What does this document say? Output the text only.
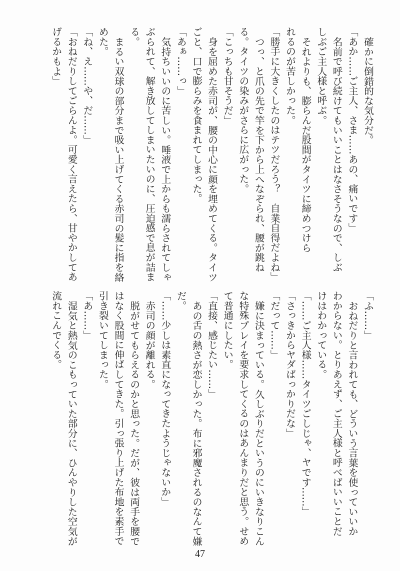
確かに倒錯的な気分だ。

「あか……ご主人、さま……あの、痛いです」

名前で呼び続けてもいいことはなさそうなので、しぶ

しぶご主人様と呼ぶ。

それよりも、膨らんだ股間がタイツに締めつけら

れるのが苦しかった。

「勝手に大きくしたのはテツだろう？　自業自得だよね」

つっ、と爪の先で竿を下から上へなぞられ、腰が跳ね

る。タイツの染みがさらに広がった。

「こっちも甘そうだ」

身を屈めた赤司が、腰の中心に顔を埋めてくる。タイツ

ごと、口で膨らみを食まれてしまった。

「あぁ……っ」

気持ちいいのに苦しい。唾液で上からも濡らされてしゃ

ぶられて、解き放してしまいたいのに、圧迫感で息が詰ま

る。

まるい双球の部分まで吸い上げてくる赤司の髪に指を絡

めた。

「ね、え……や、だ……」

「おねだりしてごらんよ。可愛く言えたら、甘やかしてあ

げるかもよ」

「ふ……」

おねだりと言われても、どういう言葉を使っていいか

わからない。とりあえず、ご主人様と呼べばいいことだ

けはわかっている。

「……ご主人様……タイツごしじゃ、ヤです……」

「さっきからヤダばっかりだな」

「だって……」

嫌に決まっている。久しぶりだというのにいきなりこん

な特殊プレイを要求してくるのはあんまりだと思う。せめ

て普通にしたい。

「直接、感じたい……」

あの舌の熱さが恋しかった。布に邪魔されるのなんて嫌

だ。

「……少しは素直になってきたようじゃないか」

赤司の顔が離れる。

脱がせてもらえるのかと思った。だが、彼は両手を腰で

はなく股間に伸ばしてきた。引っ張り上げた布地を素手で

引き裂いてしまった。

「あ……」

湿気と熱気のこもっていた部分に、ひんやりした空気が

流れこんでくる。

47
